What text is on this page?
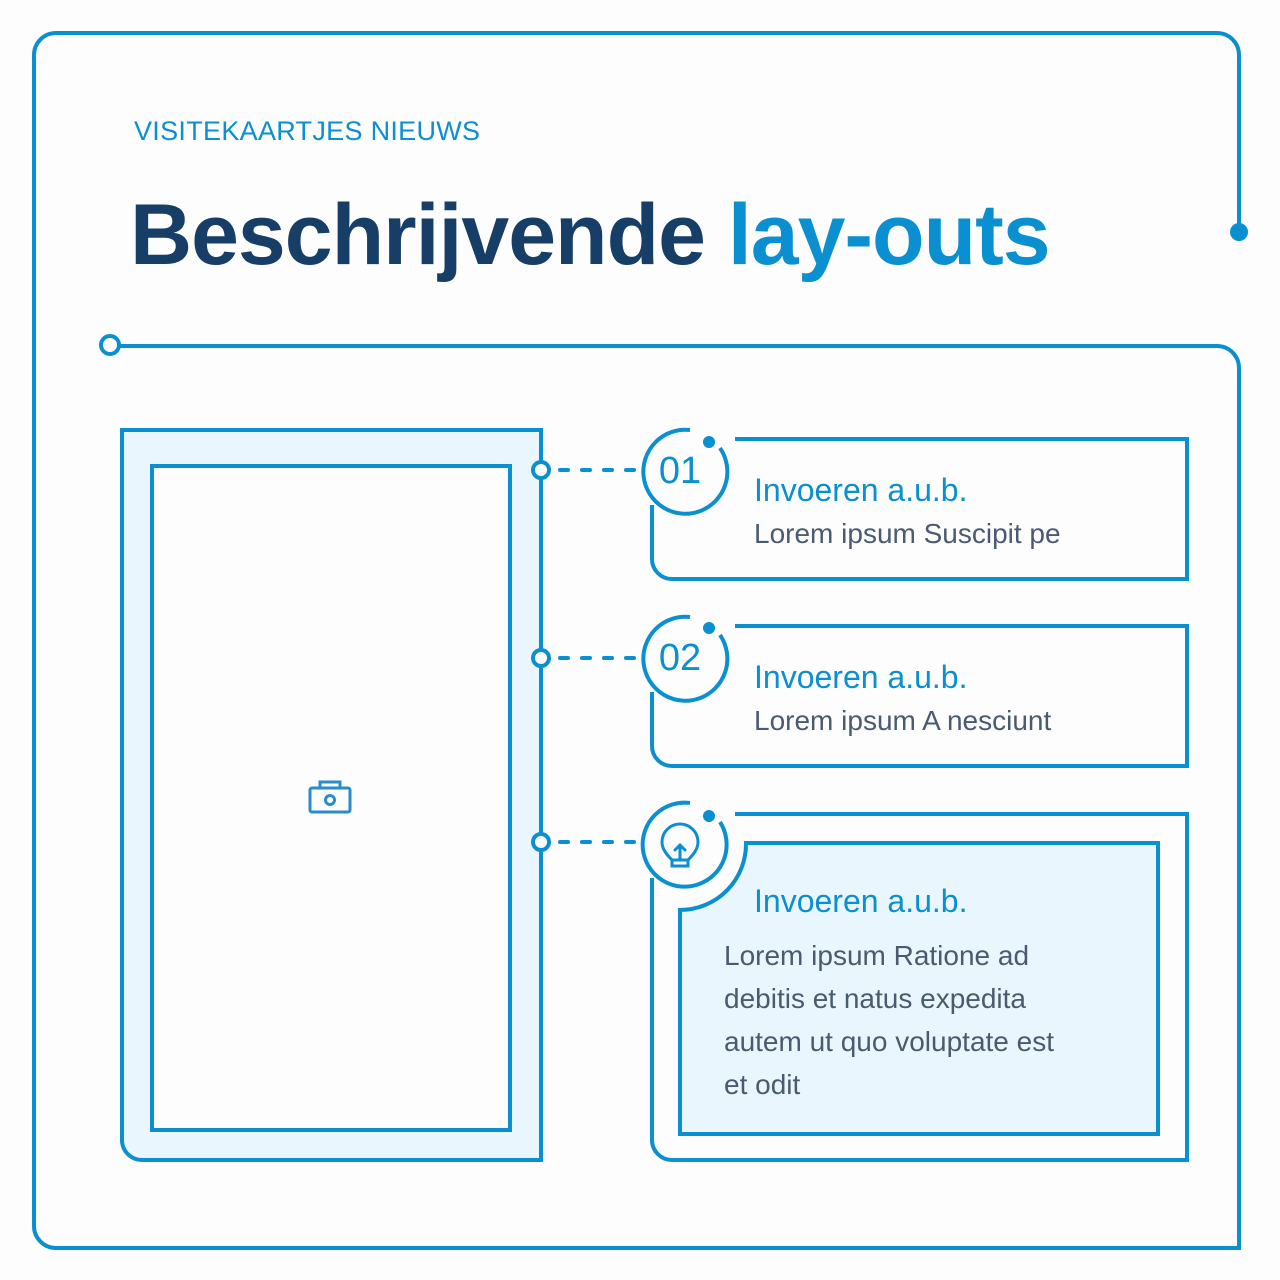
VISITEKAARTJES NIEUWS
Beschrijvende lay-outs
01	Invoeren a.u.b.
Lorem ipsum Suscipit pe
02	Invoeren a.u.b.
Lorem ipsum A nesciunt
Invoeren a.u.b.
Lorem ipsum Ratione ad
debitis et natus expedita
autem ut quo voluptate est
et odit
